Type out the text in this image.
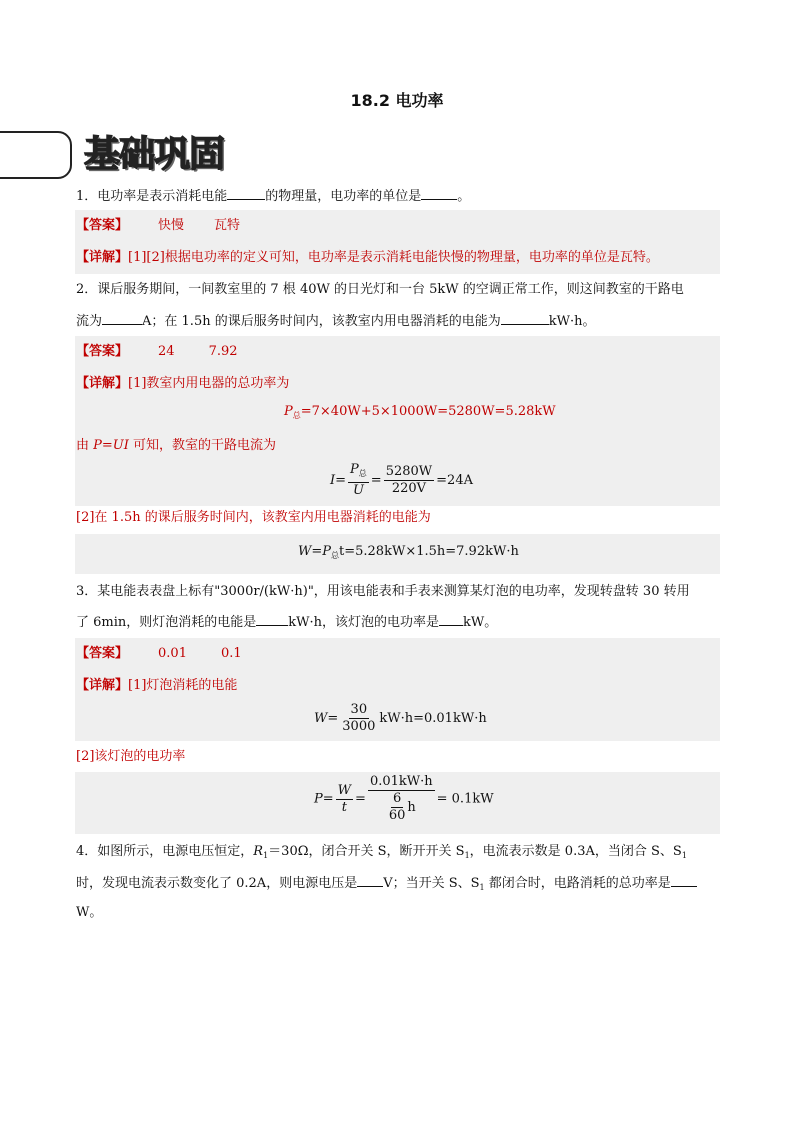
18.2 电功率
基础巩固
1．电功率是表示消耗电能	的物理量，电功率的单位是	。
【答案】 快慢 瓦特
【详解】[1][2]根据电功率的定义可知，电功率是表示消耗电能快慢的物理量，电功率的单位是瓦特。
2．课后服务期间，一间教室里的 7 根 40W 的日光灯和一台 5kW 的空调正常工作，则这间教室的干路电
流为	A；在 1.5h 的课后服务时间内，该教室内用电器消耗的电能为	kW·h。
【答案】 24	7.92
【详解】[1]教室内用电器的总功率为
$P_总=7\times 40W+5\times 1000W=5280W=5.28kW$
由 P=UI 可知，教室的干路电流为
$I= \frac{P_总}{U} = \frac{5280W}{220V} =24A$
[2]在 1.5h 的课后服务时间内，该教室内用电器消耗的电能为
$W=P_总t=5.28kW\times 1.5h=7.92kW\cdot h$
3．某电能表表盘上标有"3000r/(kW·h)"，用该电能表和手表来测算某灯泡的电功率，发现转盘转 30 转用
了 6min，则灯泡消耗的电能是 kW·h，该灯泡的电功率是 kW。
【答案】 0.01	0.1
【详解】[1]灯泡消耗的电能
$W= \frac{30}{3000} kW\cdot h=0.01kW\cdot h$
[2]该灯泡的电功率
$P= \frac{W}{t} = \frac{0.01kW\cdot h}{\frac{6}{60} h} = 0.1kW$
4．如图所示，电源电压恒定，$R_1=30\Omega$，闭合开关 S，断开开关 $S_1$，电流表示数是 0.3A，当闭合 S、$S_1$
时，发现电流表示数变化了 0.2A，则电源电压是 V；当开关 S、$S_1$ 都闭合时，电路消耗的总功率是
W。
